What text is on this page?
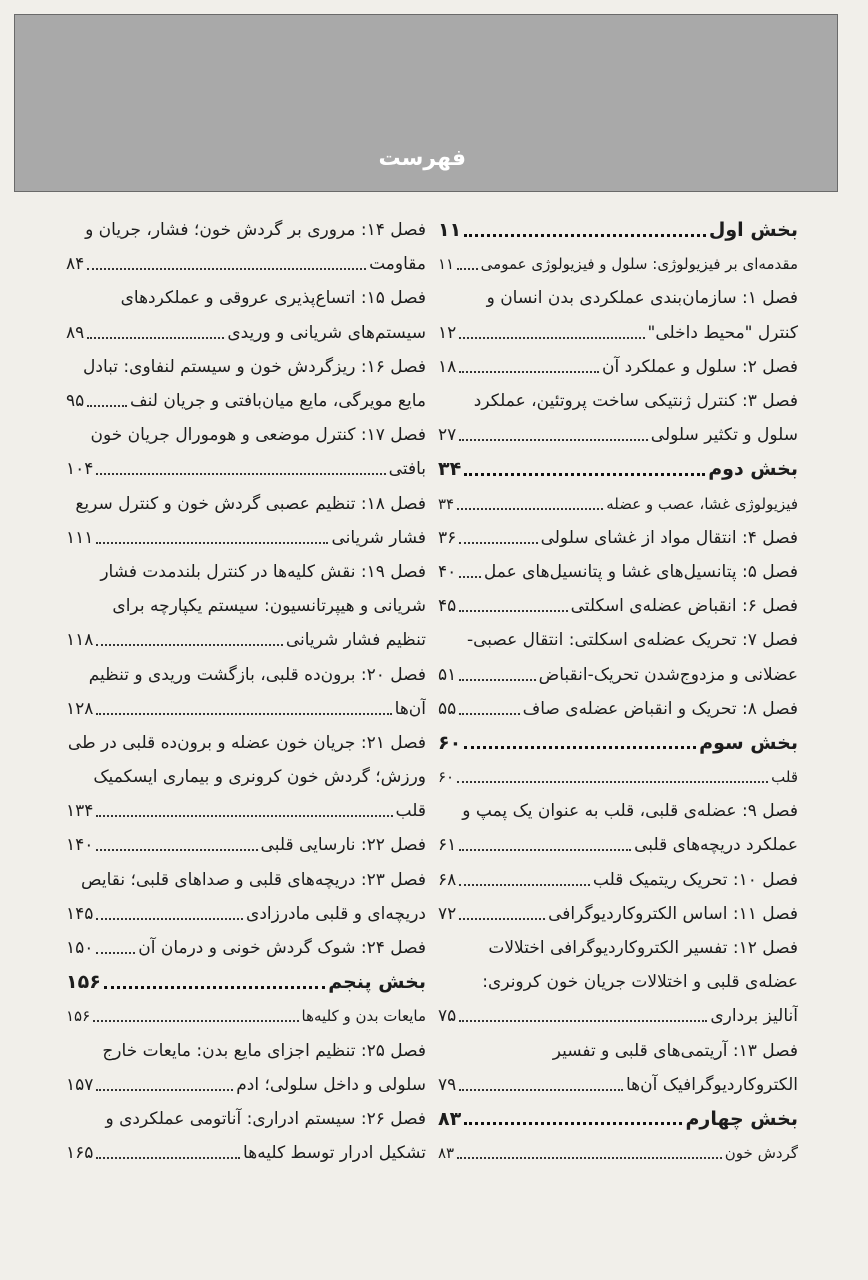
فهرست
بخش اول
۱۱
مقدمه‌ای بر فیزیولوژی: سلول و فیزیولوژی عمومی
۱۱
فصل ۱: سازمان‌بندی عملکردی بدن انسان و
کنترل "محیط داخلی"
۱۲
فصل ۲: سلول و عملکرد آن
۱۸
فصل ۳: کنترل ژنتیکی ساخت پروتئین، عملکرد
سلول و تکثیر سلولی
۲۷
بخش دوم
۳۴
فیزیولوژی غشا، عصب و عضله
۳۴
فصل ۴: انتقال مواد از غشای سلولی
۳۶
فصل ۵: پتانسیل‌های غشا و پتانسیل‌های عمل
۴۰
فصل ۶: انقباض عضله‌ی اسکلتی
۴۵
فصل ۷: تحریک عضله‌ی اسکلتی: انتقال عصبی-
عضلانی و مزدوج‌شدن تحریک-انقباض
۵۱
فصل ۸: تحریک و انقباض عضله‌ی صاف
۵۵
بخش سوم
۶۰
قلب
۶۰
فصل ۹: عضله‌ی قلبی، قلب به عنوان یک پمپ و
عملکرد دریچه‌های قلبی
۶۱
فصل ۱۰: تحریک ریتمیک قلب
۶۸
فصل ۱۱: اساس الکتروکاردیوگرافی
۷۲
فصل ۱۲: تفسیر الکتروکاردیوگرافی اختلالات
عضله‌ی قلبی و اختلالات جریان خون کرونری:
آنالیز برداری
۷۵
فصل ۱۳: آریتمی‌های قلبی و تفسیر
الکتروکاردیوگرافیک آن‌ها
۷۹
بخش چهارم
۸۳
گردش خون
۸۳
فصل ۱۴: مروری بر گردش خون؛ فشار، جریان و
مقاومت
۸۴
فصل ۱۵: اتساع‌پذیری عروقی و عملکردهای
سیستم‌های شریانی و وریدی
۸۹
فصل ۱۶: ریزگردش خون و سیستم لنفاوی: تبادل
مایع مویرگی، مایع میان‌بافتی و جریان لنف
۹۵
فصل ۱۷: کنترل موضعی و هومورال جریان خون
بافتی
۱۰۴
فصل ۱۸: تنظیم عصبی گردش خون و کنترل سریع
فشار شریانی
۱۱۱
فصل ۱۹: نقش کلیه‌ها در کنترل بلندمدت فشار
شریانی و هیپرتانسیون: سیستم یکپارچه برای
تنظیم فشار شریانی
۱۱۸
فصل ۲۰: برون‌ده قلبی، بازگشت وریدی و تنظیم
آن‌ها
۱۲۸
فصل ۲۱: جریان خون عضله و برون‌ده قلبی در طی
ورزش؛ گردش خون کرونری و بیماری ایسکمیک
قلب
۱۳۴
فصل ۲۲: نارسایی قلبی
۱۴۰
فصل ۲۳: دریچه‌های قلبی و صداهای قلبی؛ نقایص
دریچه‌ای و قلبی مادرزادی
۱۴۵
فصل ۲۴: شوک گردش خونی و درمان آن
۱۵۰
بخش پنجم
۱۵۶
مایعات بدن و کلیه‌ها
۱۵۶
فصل ۲۵: تنظیم اجزای مایع بدن: مایعات خارج
سلولی و داخل سلولی؛ ادم
۱۵۷
فصل ۲۶: سیستم ادراری: آناتومی عملکردی و
تشکیل ادرار توسط کلیه‌ها
۱۶۵
